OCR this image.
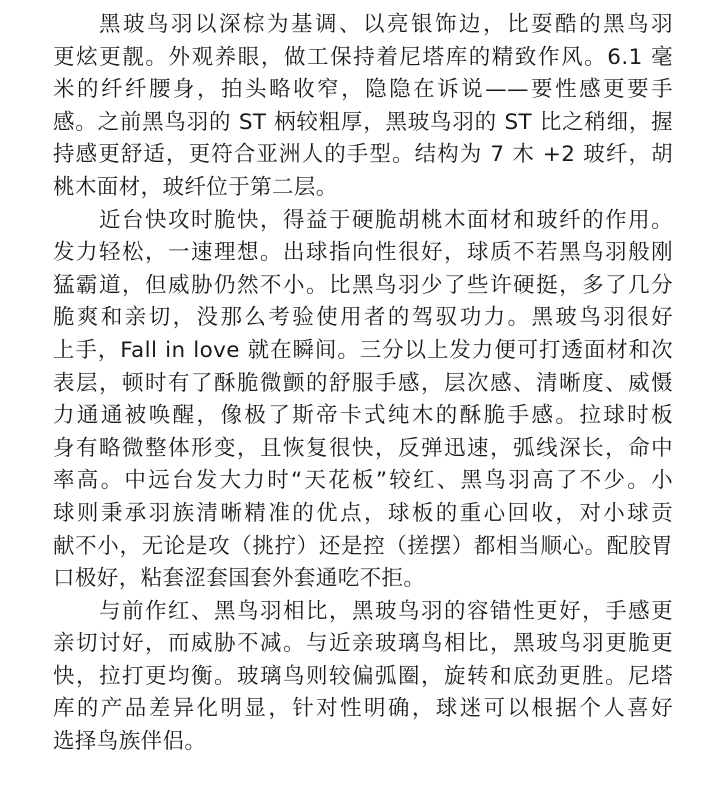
黑玻鸟羽以深棕为基调、以亮银饰边，比耍酷的黑鸟羽
更炫更靓。外观养眼，做工保持着尼塔库的精致作风。6.1 毫
米的纤纤腰身，拍头略收窄，隐隐在诉说——要性感更要手
感。之前黑鸟羽的 ST 柄较粗厚，黑玻鸟羽的 ST 比之稍细，握
持感更舒适，更符合亚洲人的手型。结构为 7 木 +2 玻纤，胡
桃木面材，玻纤位于第二层。
近台快攻时脆快，得益于硬脆胡桃木面材和玻纤的作用。
发力轻松，一速理想。出球指向性很好，球质不若黑鸟羽般刚
猛霸道，但威胁仍然不小。比黑鸟羽少了些许硬挺，多了几分
脆爽和亲切，没那么考验使用者的驾驭功力。黑玻鸟羽很好
上手，Fall in love 就在瞬间。三分以上发力便可打透面材和次
表层，顿时有了酥脆微颤的舒服手感，层次感、清晰度、威慑
力通通被唤醒，像极了斯帝卡式纯木的酥脆手感。拉球时板
身有略微整体形变，且恢复很快，反弹迅速，弧线深长，命中
率高。中远台发大力时“天花板”较红、黑鸟羽高了不少。小
球则秉承羽族清晰精准的优点，球板的重心回收，对小球贡
献不小，无论是攻（挑拧）还是控（搓摆）都相当顺心。配胶胃
口极好，粘套涩套国套外套通吃不拒。
与前作红、黑鸟羽相比，黑玻鸟羽的容错性更好，手感更
亲切讨好，而威胁不减。与近亲玻璃鸟相比，黑玻鸟羽更脆更
快，拉打更均衡。玻璃鸟则较偏弧圈，旋转和底劲更胜。尼塔
库的产品差异化明显，针对性明确，球迷可以根据个人喜好
选择鸟族伴侣。
